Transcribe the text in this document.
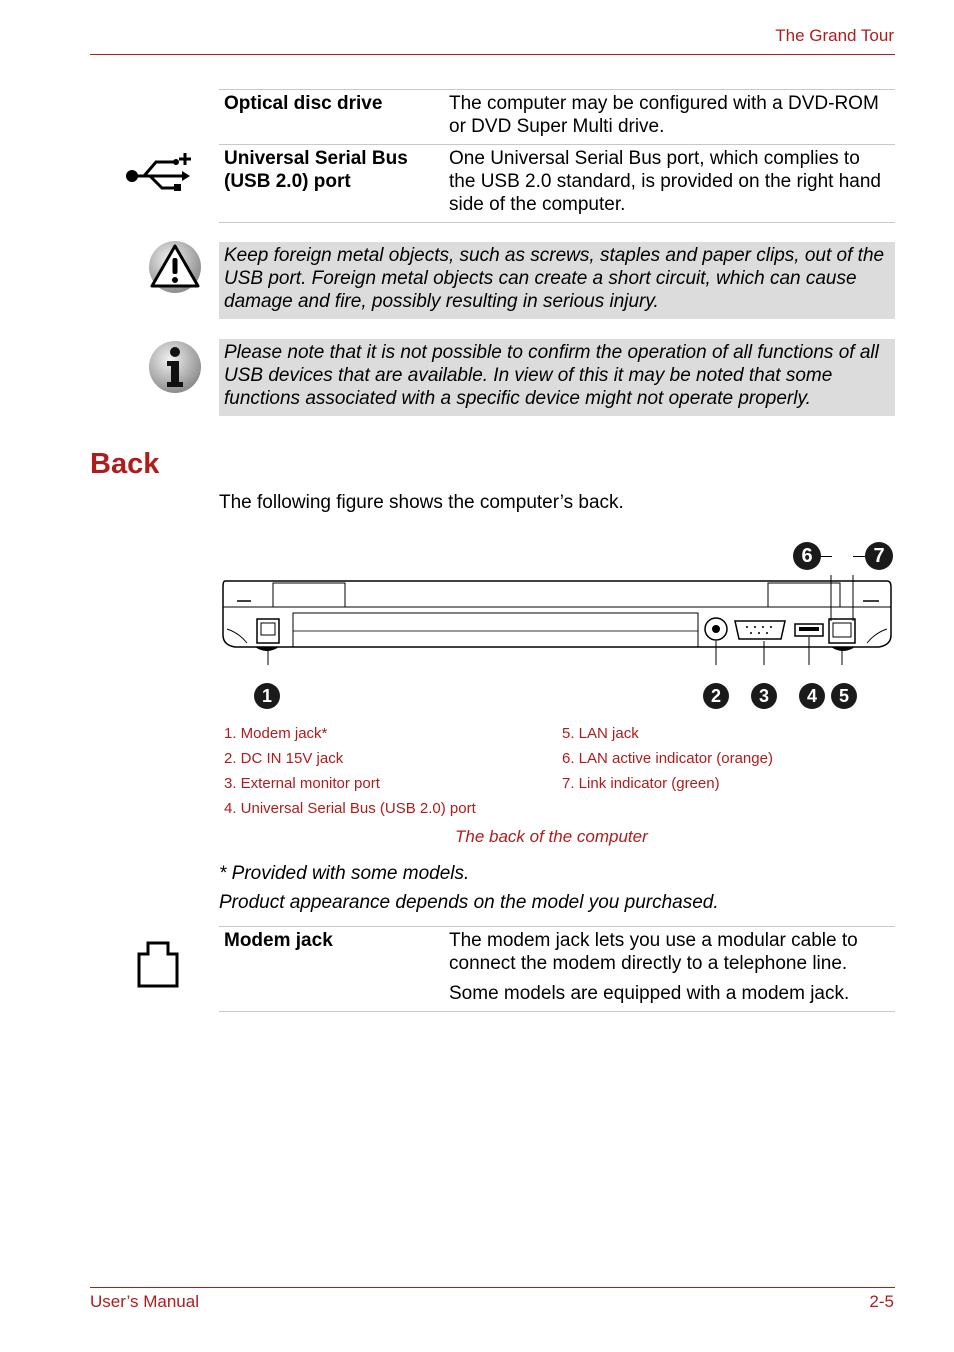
The Grand Tour
Optical disc drive	The computer may be configured with a DVD-ROM or DVD Super Multi drive.
Universal Serial Bus (USB 2.0) port	One Universal Serial Bus port, which complies to the USB 2.0 standard, is provided on the right hand side of the computer.
Keep foreign metal objects, such as screws, staples and paper clips, out of the USB port. Foreign metal objects can create a short circuit, which can cause damage and fire, possibly resulting in serious injury.
Please note that it is not possible to confirm the operation of all functions of all USB devices that are available. In view of this it may be noted that some functions associated with a specific device might not operate properly.
Back
The following figure shows the computer’s back.
6	7
1	2	3	4	5
1. Modem jack*
2. DC IN 15V jack
3. External monitor port
4. Universal Serial Bus (USB 2.0) port
5. LAN jack
6. LAN active indicator (orange)
7. Link indicator (green)
The back of the computer
* Provided with some models.
Product appearance depends on the model you purchased.
Modem jack	The modem jack lets you use a modular cable to connect the modem directly to a telephone line.
Some models are equipped with a modem jack.
User’s Manual	2-5
